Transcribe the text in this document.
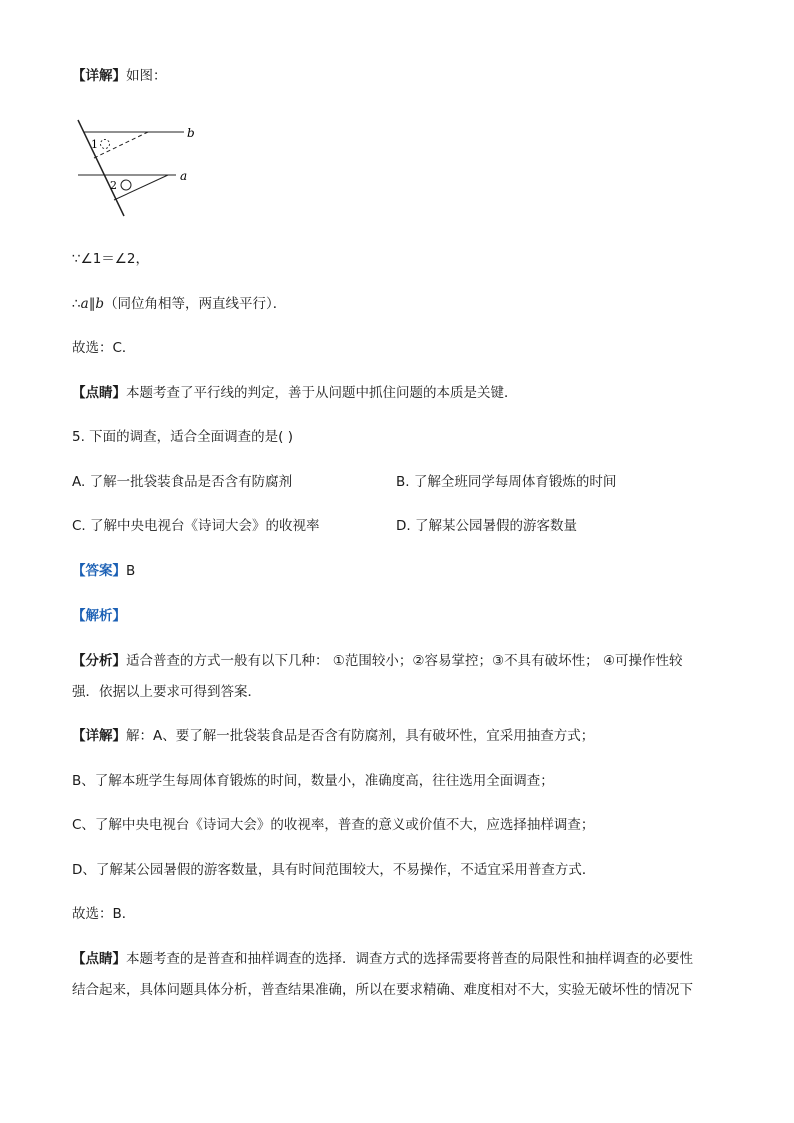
【详解】如图：
1
2
b
a
∵∠1＝∠2，
∴a∥b（同位角相等，两直线平行）．
故选：C．
【点睛】本题考查了平行线的判定，善于从问题中抓住问题的本质是关键．
5. 下面的调查，适合全面调查的是( )
A. 了解一批袋装食品是否含有防腐剂	B. 了解全班同学每周体育锻炼的时间
C. 了解中央电视台《诗词大会》的收视率	D. 了解某公园暑假的游客数量
【答案】B
【解析】
【分析】适合普查的方式一般有以下几种： ①范围较小；②容易掌控；③不具有破坏性； ④可操作性较
强．依据以上要求可得到答案．
【详解】解：A、要了解一批袋装食品是否含有防腐剂，具有破坏性，宜采用抽查方式；
B、了解本班学生每周体育锻炼的时间，数量小，准确度高，往往选用全面调查；
C、了解中央电视台《诗词大会》的收视率，普查的意义或价值不大，应选择抽样调查；
D、了解某公园暑假的游客数量，具有时间范围较大，不易操作，不适宜采用普查方式．
故选：B．
【点睛】本题考查的是普查和抽样调查的选择．调查方式的选择需要将普查的局限性和抽样调查的必要性
结合起来，具体问题具体分析，普查结果准确，所以在要求精确、难度相对不大，实验无破坏性的情况下
